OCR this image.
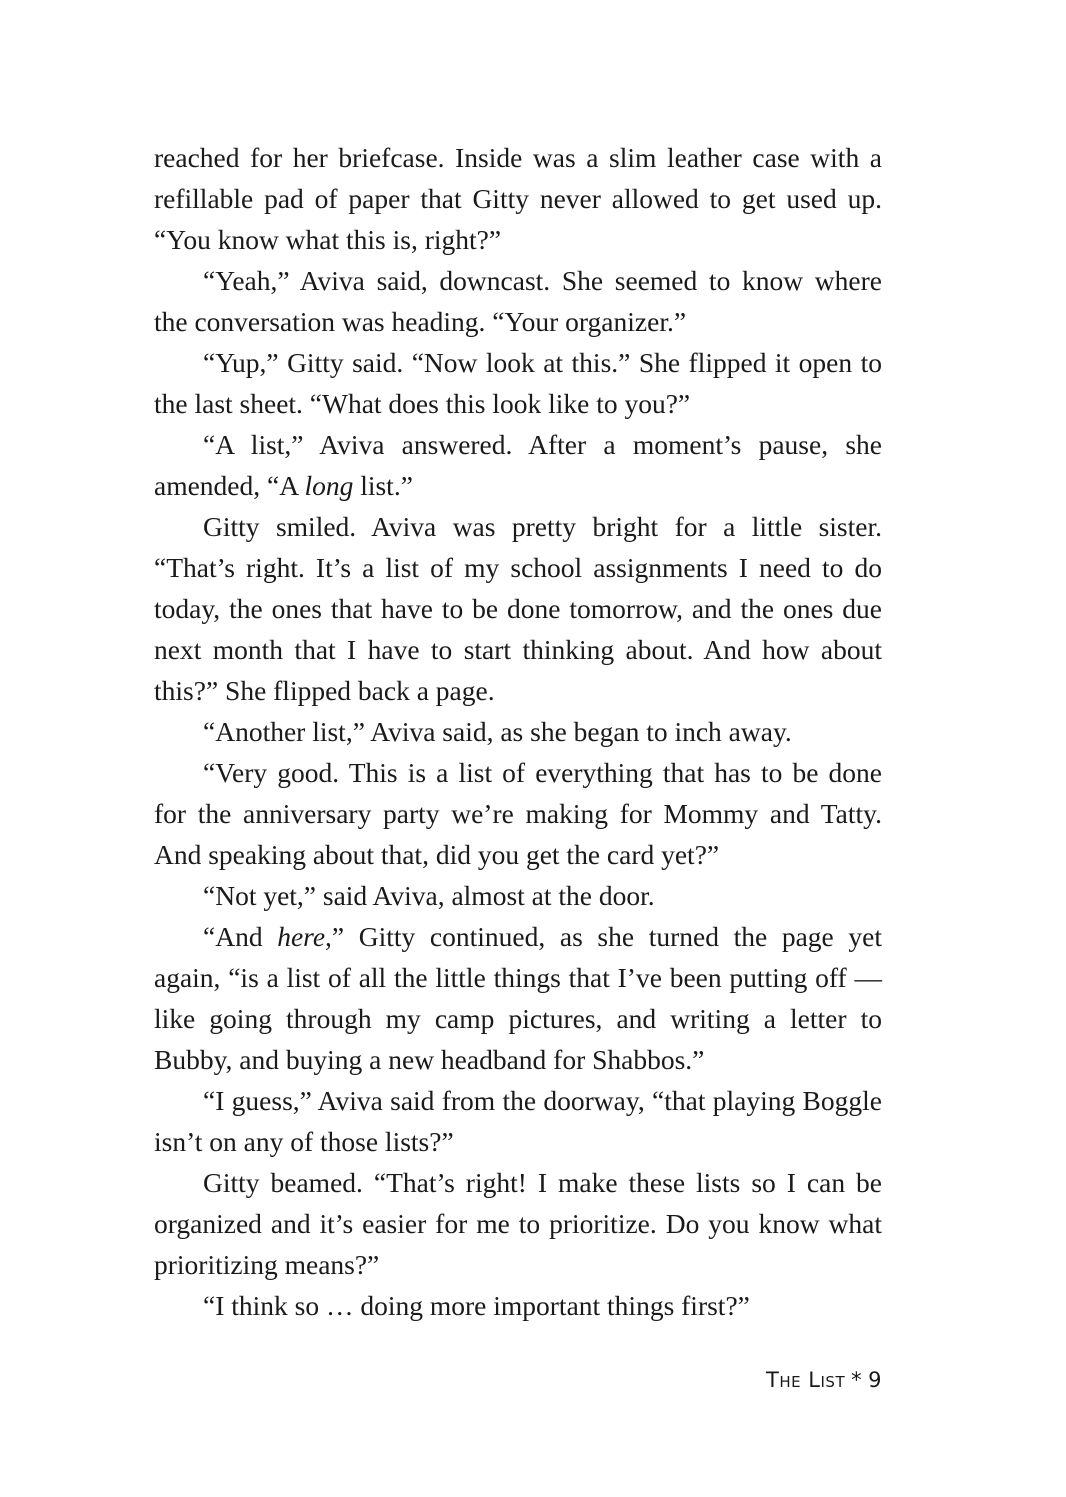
reached for her briefcase. Inside was a slim leather case with a refillable pad of paper that Gitty never allowed to get used up. “You know what this is, right?”

“Yeah,” Aviva said, downcast. She seemed to know where the conversation was heading. “Your organizer.”

“Yup,” Gitty said. “Now look at this.” She flipped it open to the last sheet. “What does this look like to you?”

“A list,” Aviva answered. After a moment’s pause, she amended, “A long list.”

Gitty smiled. Aviva was pretty bright for a little sister. “That’s right. It’s a list of my school assignments I need to do today, the ones that have to be done tomorrow, and the ones due next month that I have to start thinking about. And how about this?” She flipped back a page.

“Another list,” Aviva said, as she began to inch away.

“Very good. This is a list of everything that has to be done for the anniversary party we’re making for Mommy and Tatty. And speaking about that, did you get the card yet?”

“Not yet,” said Aviva, almost at the door.

“And here,” Gitty continued, as she turned the page yet again, “is a list of all the little things that I’ve been putting off — like going through my camp pictures, and writing a letter to Bubby, and buying a new headband for Shabbos.”

“I guess,” Aviva said from the doorway, “that playing Boggle isn’t on any of those lists?”

Gitty beamed. “That’s right! I make these lists so I can be organized and it’s easier for me to prioritize. Do you know what prioritizing means?”

“I think so … doing more important things first?”

The List * 9
